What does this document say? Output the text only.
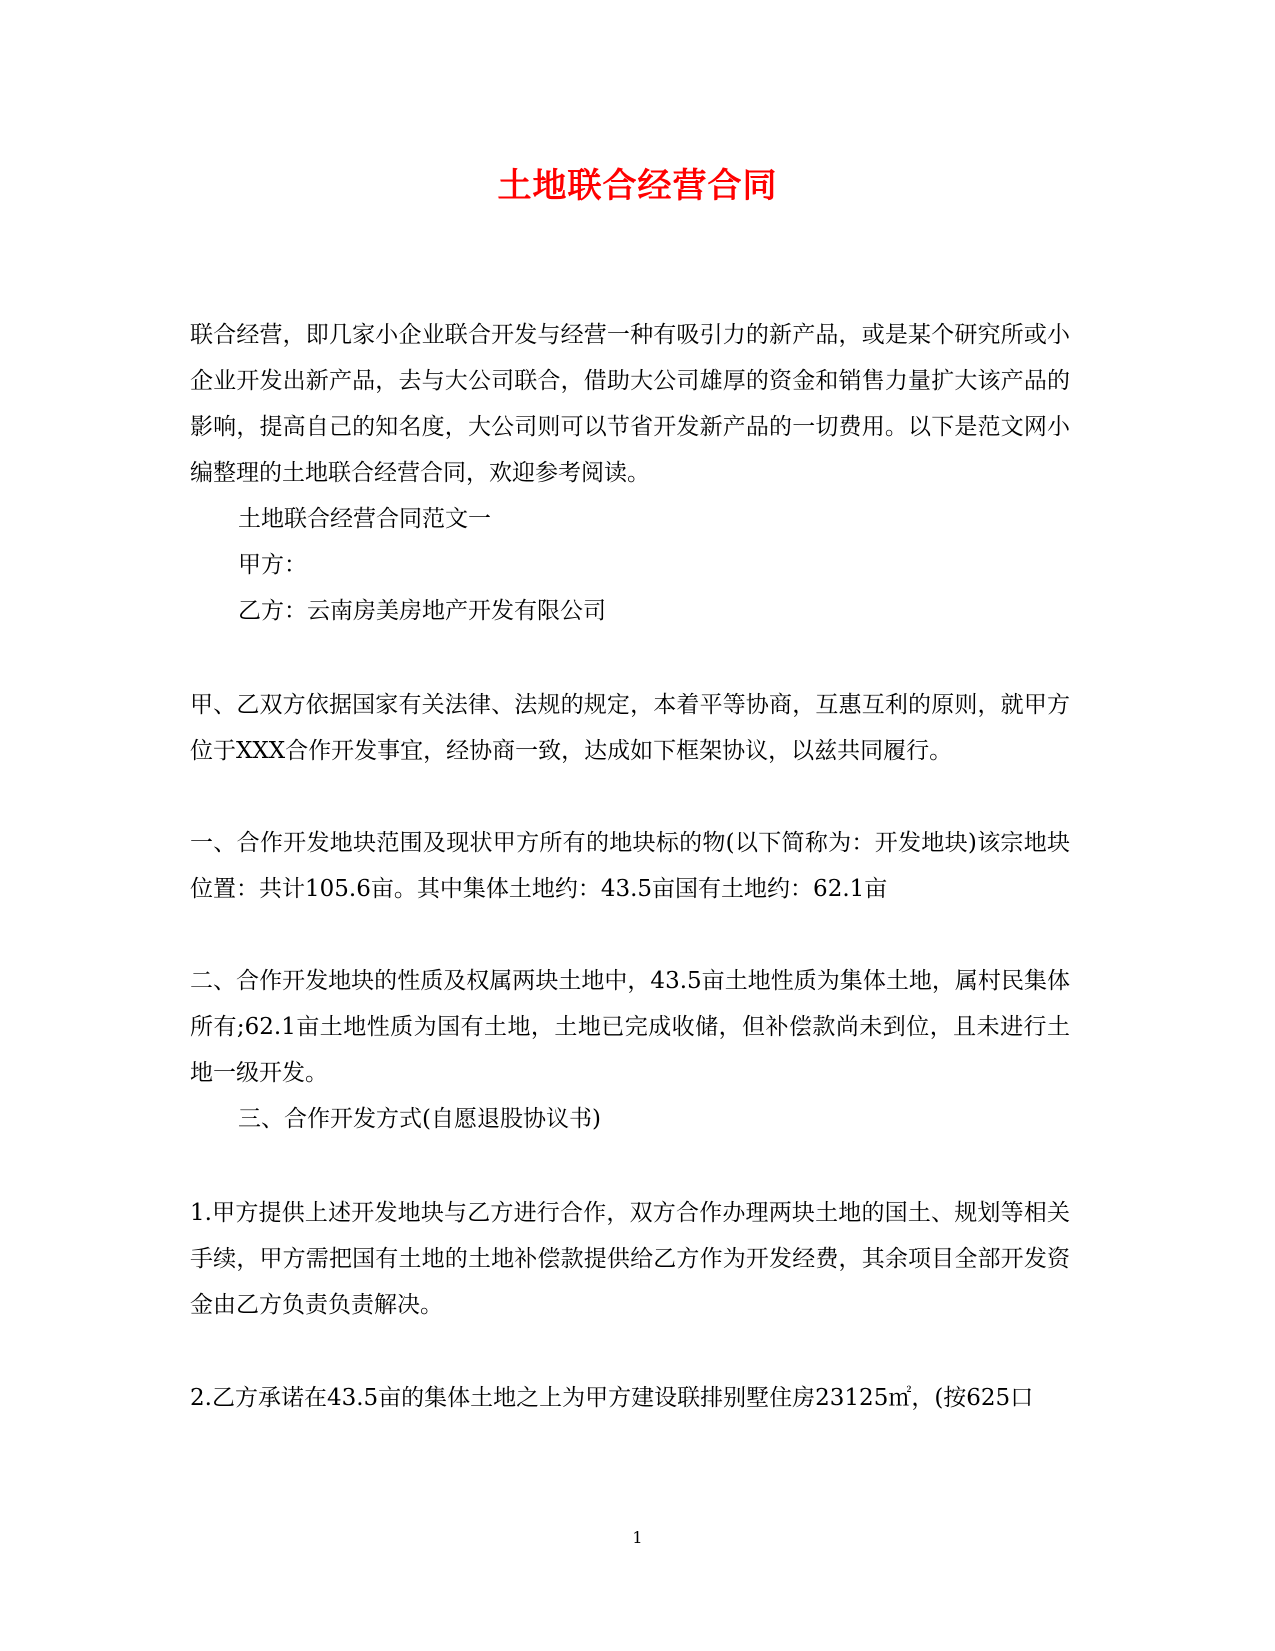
土地联合经营合同

联合经营，即几家小企业联合开发与经营一种有吸引力的新产品，或是某个研究所或小企业开发出新产品，去与大公司联合，借助大公司雄厚的资金和销售力量扩大该产品的影响，提高自己的知名度，大公司则可以节省开发新产品的一切费用。以下是范文网小编整理的土地联合经营合同，欢迎参考阅读。

土地联合经营合同范文一

甲方：

乙方：云南房美房地产开发有限公司

甲、乙双方依据国家有关法律、法规的规定，本着平等协商，互惠互利的原则，就甲方位于XXX合作开发事宜，经协商一致，达成如下框架协议，以兹共同履行。

一、合作开发地块范围及现状甲方所有的地块标的物(以下简称为：开发地块)该宗地块位置：共计105.6亩。其中集体土地约：43.5亩国有土地约：62.1亩

二、合作开发地块的性质及权属两块土地中，43.5亩土地性质为集体土地，属村民集体所有;62.1亩土地性质为国有土地，土地已完成收储，但补偿款尚未到位，且未进行土地一级开发。

三、合作开发方式(自愿退股协议书)

1.甲方提供上述开发地块与乙方进行合作，双方合作办理两块土地的国土、规划等相关手续，甲方需把国有土地的土地补偿款提供给乙方作为开发经费，其余项目全部开发资金由乙方负责负责解决。

2.乙方承诺在43.5亩的集体土地之上为甲方建设联排别墅住房23125㎡，(按625口

1
